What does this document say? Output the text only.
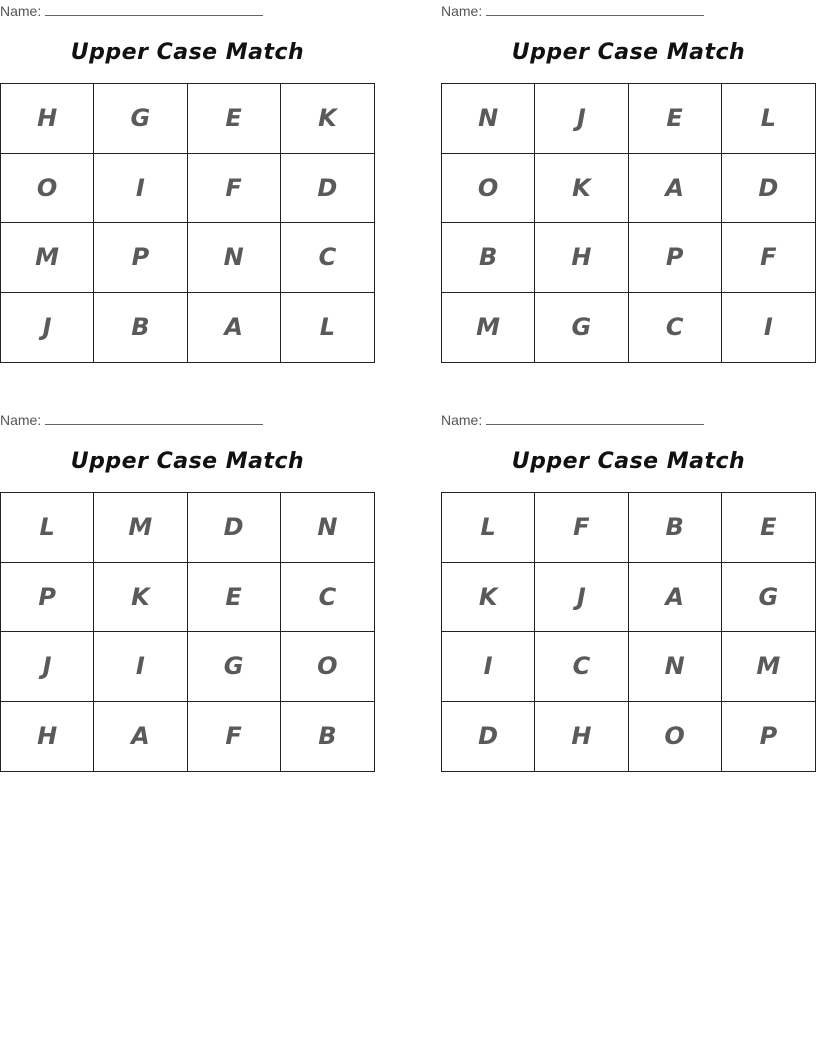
Name:
Upper Case Match
H	G	E	K
O	I	F	D
M	P	N	C
J	B	A	L
Name:
Upper Case Match
N	J	E	L
O	K	A	D
B	H	P	F
M	G	C	I
Name:
Upper Case Match
L	M	D	N
P	K	E	C
J	I	G	O
H	A	F	B
Name:
Upper Case Match
L	F	B	E
K	J	A	G
I	C	N	M
D	H	O	P
